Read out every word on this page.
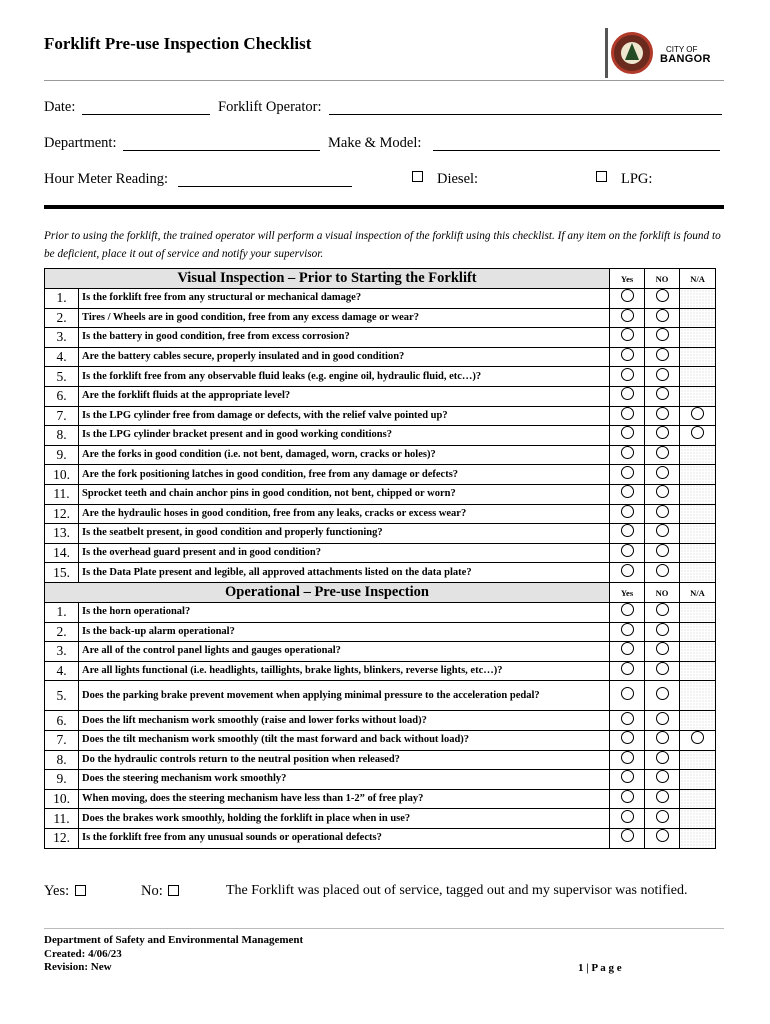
Forklift Pre-use Inspection Checklist	CITY OF
BANGOR
Date:	Forklift Operator:
Department:	Make & Model:
Hour Meter Reading:	Diesel:	LPG:
Prior to using the forklift, the trained operator will perform a visual inspection of the forklift using this checklist. If any item on the forklift is found to be deficient, place it out of service and notify your supervisor.
Visual Inspection – Prior to Starting the Forklift		Yes	NO	N/A
1.	Is the forklift free from any structural or mechanical damage?			
2.	Tires / Wheels are in good condition, free from any excess damage or wear?			
3.	Is the battery in good condition, free from excess corrosion?			
4.	Are the battery cables secure, properly insulated and in good condition?			
5.	Is the forklift free from any observable fluid leaks (e.g. engine oil, hydraulic fluid, etc…)?			
6.	Are the forklift fluids at the appropriate level?			
7.	Is the LPG cylinder free from damage or defects, with the relief valve pointed up?			
8.	Is the LPG cylinder bracket present and in good working conditions?			
9.	Are the forks in good condition (i.e. not bent, damaged, worn, cracks or holes)?			
10.	Are the fork positioning latches in good condition, free from any damage or defects?			
11.	Sprocket teeth and chain anchor pins in good condition, not bent, chipped or worn?			
12.	Are the hydraulic hoses in good condition, free from any leaks, cracks or excess wear?			
13.	Is the seatbelt present, in good condition and properly functioning?			
14.	Is the overhead guard present and in good condition?			
15.	Is the Data Plate present and legible, all approved attachments listed on the data plate?			
Operational – Pre-use Inspection		Yes	NO	N/A
1.	Is the horn operational?			
2.	Is the back-up alarm operational?			
3.	Are all of the control panel lights and gauges operational?			
4.	Are all lights functional (i.e. headlights, taillights, brake lights, blinkers, reverse lights, etc…)?			
5.	Does the parking brake prevent movement when applying minimal pressure to the acceleration pedal?			
6.	Does the lift mechanism work smoothly (raise and lower forks without load)?			
7.	Does the tilt mechanism work smoothly (tilt the mast forward and back without load)?			
8.	Do the hydraulic controls return to the neutral position when released?			
9.	Does the steering mechanism work smoothly?			
10.	When moving, does the steering mechanism have less than 1-2” of free play?			
11.	Does the brakes work smoothly, holding the forklift in place when in use?			
12.	Is the forklift free from any unusual sounds or operational defects?			
Yes:	No:	The Forklift was placed out of service, tagged out and my supervisor was notified.
Department of Safety and Environmental Management
Created: 4/06/23
Revision: New	1 | P a g e
